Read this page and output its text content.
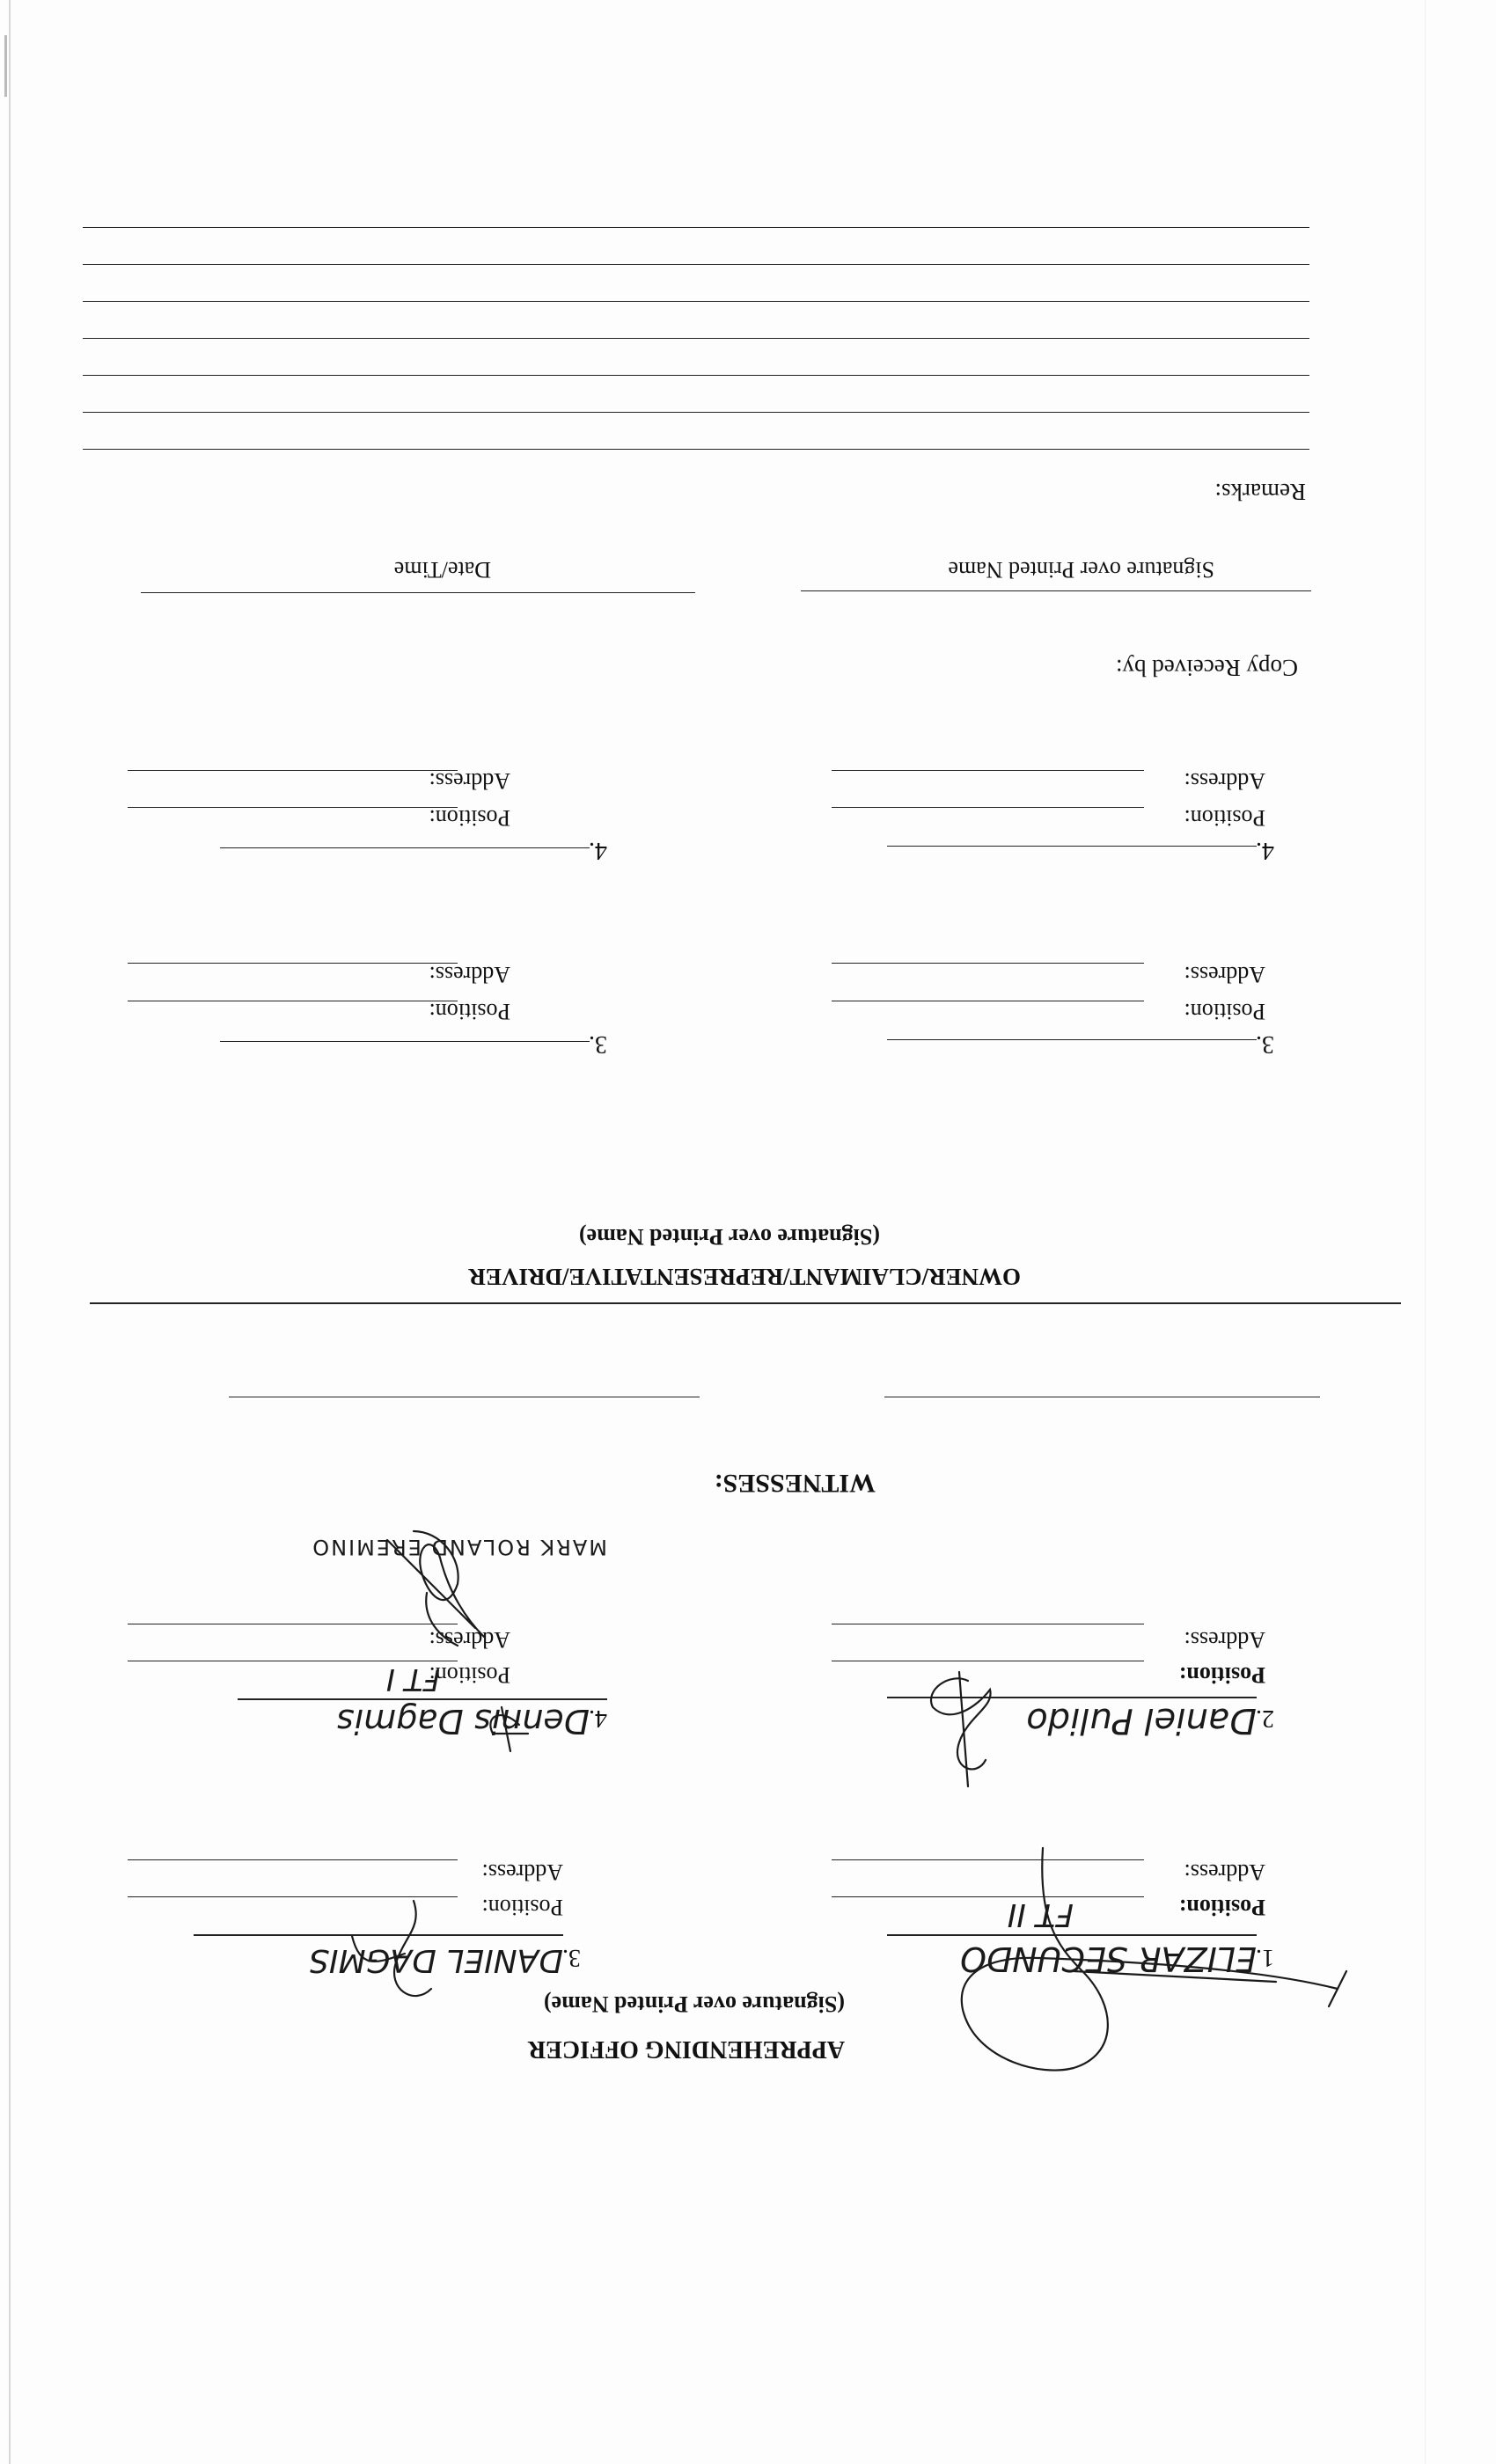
APPREHENDING OFFICER
(Signature over Printed Name)
1.
ELIZAR SECUNDO
Position:
FT II
Address:
2.
Daniel Pulido
Position:
Address:
3.
DANIEL DAGMIS
Position:
Address:
4.
Dennis Dagmis
Position:
FT I
Address:
MARK ROLAND EREMINO
WITNESSES:
OWNER/CLAIMANT/REPRESENTATIVE/DRIVER
(Signature over Printed Name)
3.
Position:
Address:
3.
Position:
Address:
4.
Position:
Address:
4.
Position:
Address:
Copy Received by:
Signature over Printed Name
Date/Time
Remarks:
